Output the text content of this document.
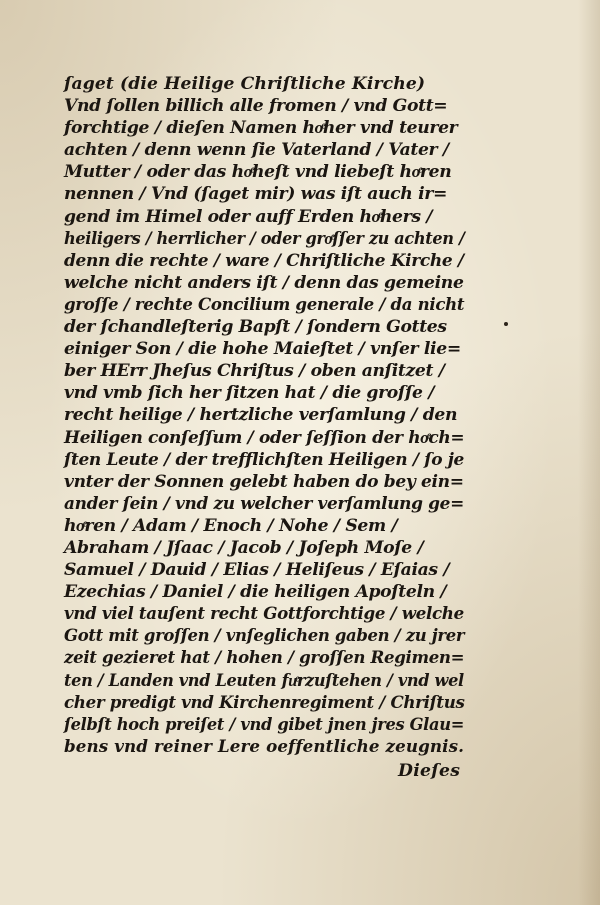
ſaget (die Heilige Chriſtliche Kirche)
Vnd ſollen billich alle fromen / vnd Gott=
forchtige / dieſen Namen hoͤher vnd teurer
achten / denn wenn ſie Vaterland / Vater /
Mutter / oder das hoͤheſt vnd liebeſt hoͤren
nennen / Vnd (ſaget mir) was iſt auch ir=
gend im Himel oder auff Erden hoͤhers /
heiligers / herrlicher / oder groͤſſer zu achten /
denn die rechte / ware / Chriſtliche Kirche /
welche nicht anders iſt / denn das gemeine
groſſe / rechte Concilium generale / da nicht
der ſchandleſterig Bapſt / ſondern Gottes
einiger Son / die hohe Maieſtet / vnſer lie=
ber HErr Jheſus Chriſtus / oben anſitzet /
vnd vmb ſich her ſitzen hat / die groſſe /
recht heilige / hertzliche verſamlung / den
Heiligen conſeſſum / oder ſeſſion der hoͤch=
ſten Leute / der trefflichſten Heiligen / ſo je
vnter der Sonnen gelebt haben do bey ein=
ander ſein / vnd zu welcher verſamlung ge=
hoͤren / Adam / Enoch / Nohe / Sem /
Abraham / Jſaac / Jacob / Joſeph Moſe /
Samuel / Dauid / Elias / Heliſeus / Eſaias /
Ezechias / Daniel / die heiligen Apoſteln /
vnd viel tauſent recht Gottforchtige / welche
Gott mit groſſen / vnſeglichen gaben / zu jrer
zeit gezieret hat / hohen / groſſen Regimen=
ten / Landen vnd Leuten fuͤrzuſtehen / vnd wel
cher predigt vnd Kirchenregiment / Chriſtus
ſelbſt hoch preiſet / vnd gibet jnen jres Glau=
bens vnd reiner Lere oeffentliche zeugnis.
Dieſes
